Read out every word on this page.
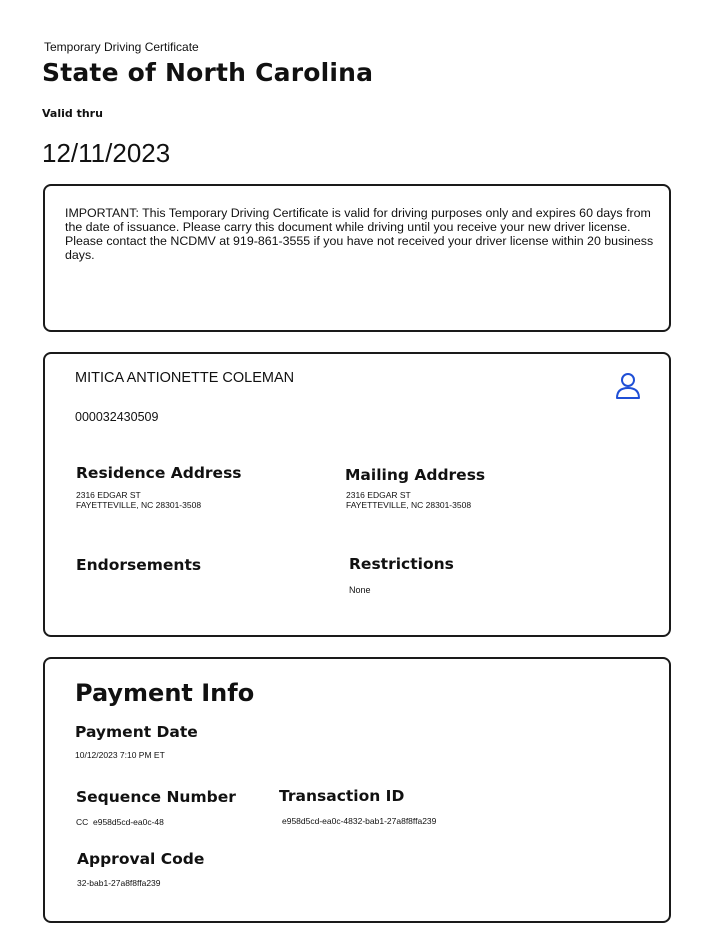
Temporary Driving Certificate
State of North Carolina
Valid thru
12/11/2023
IMPORTANT: This Temporary Driving Certificate is valid for driving purposes only and expires 60 days from the date of issuance. Please carry this document while driving until you receive your new driver license. Please contact the NCDMV at 919-861-3555 if you have not received your driver license within 20 business days.
MITICA ANTIONETTE COLEMAN
000032430509
Residence Address
2316 EDGAR ST
FAYETTEVILLE, NC 28301-3508
Mailing Address
2316 EDGAR ST
FAYETTEVILLE, NC 28301-3508
Endorsements	Restrictions
None
Payment Info
Payment Date
10/12/2023 7:10 PM ET
Sequence Number
CC  e958d5cd-ea0c-48
Transaction ID
e958d5cd-ea0c-4832-bab1-27a8f8ffa239
Approval Code
32-bab1-27a8f8ffa239
